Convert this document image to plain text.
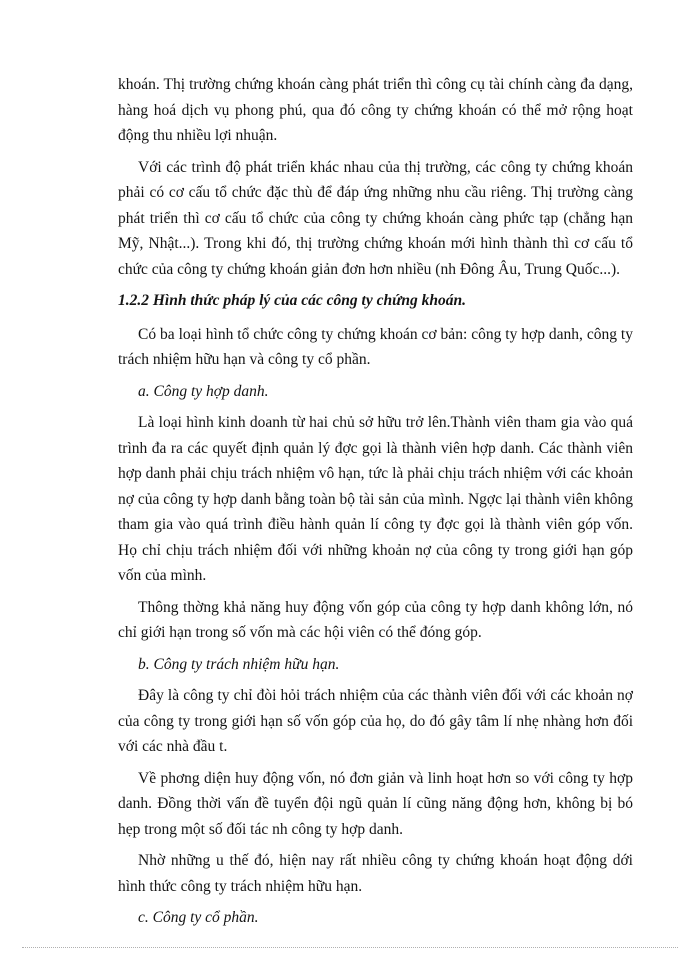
khoán. Thị trường chứng khoán càng phát triển thì công cụ tài chính càng đa dạng, hàng hoá dịch vụ phong phú, qua đó công ty chứng khoán có thể mở rộng hoạt động thu nhiều lợi nhuận.

Với các trình độ phát triển khác nhau của thị trường, các công ty chứng khoán phải có cơ cấu tổ chức đặc thù để đáp ứng những nhu cầu riêng. Thị trường càng phát triển thì cơ cấu tổ chức của công ty chứng khoán càng phức tạp (chẳng hạn Mỹ, Nhật...). Trong khi đó, thị trường chứng khoán mới hình thành thì cơ cấu tổ chức của công ty chứng khoán giản đơn hơn nhiều (nh Đông Âu, Trung Quốc...).

1.2.2 Hình thức pháp lý của các công ty chứng khoán.

Có ba loại hình tổ chức công ty chứng khoán cơ bản: công ty hợp danh, công ty trách nhiệm hữu hạn và công ty cổ phần.

a. Công ty hợp danh.

Là loại hình kinh doanh từ hai chủ sở hữu trở lên.Thành viên tham gia vào quá trình đa ra các quyết định quản lý đợc gọi là thành viên hợp danh. Các thành viên hợp danh phải chịu trách nhiệm vô hạn, tức là phải chịu trách nhiệm với các khoản nợ của công ty hợp danh bằng toàn bộ tài sản của mình. Ngợc lại thành viên không tham gia vào quá trình điều hành quản lí công ty đợc gọi là thành viên góp vốn. Họ chỉ chịu trách nhiệm đối với những khoản nợ của công ty trong giới hạn góp vốn của mình.

Thông thờng khả năng huy động vốn góp của công ty hợp danh không lớn, nó chỉ giới hạn trong số vốn mà các hội viên có thể đóng góp.

b. Công ty trách nhiệm hữu hạn.

Đây là công ty chỉ đòi hỏi trách nhiệm của các thành viên đối với các khoản nợ của công ty trong giới hạn số vốn góp của họ, do đó gây tâm lí nhẹ nhàng hơn đối với các nhà đầu t.

Về phơng diện huy động vốn, nó đơn giản và linh hoạt hơn so với công ty hợp danh. Đồng thời vấn đề tuyển đội ngũ quản lí cũng năng động hơn, không bị bó hẹp trong một số đối tác nh công ty hợp danh.

Nhờ những u thế đó, hiện nay rất nhiều công ty chứng khoán hoạt động dới hình thức công ty trách nhiệm hữu hạn.

c. Công ty cổ phần.
